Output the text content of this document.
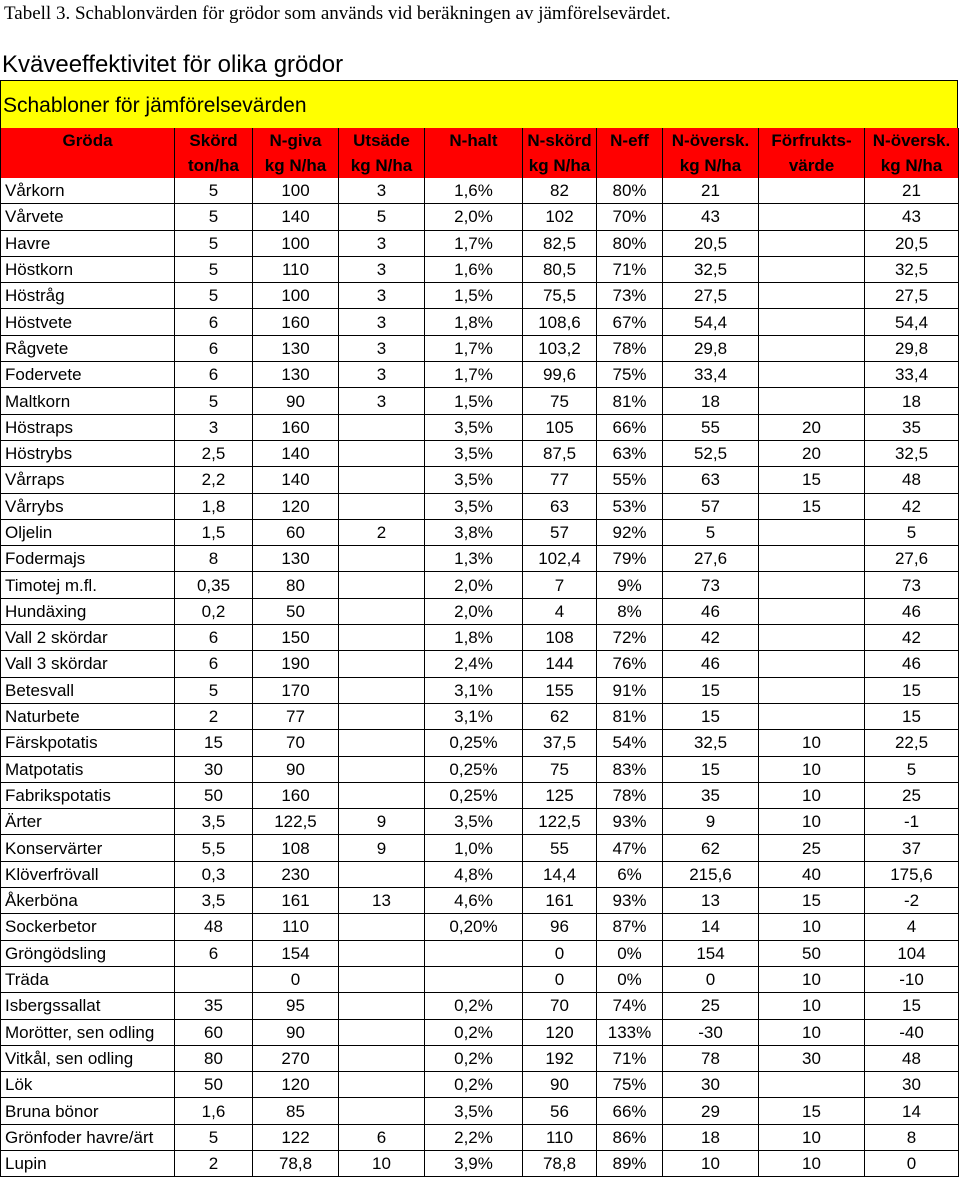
Tabell 3. Schablonvärden för grödor som används vid beräkningen av jämförelsevärdet.
Kväveeffektivitet för olika grödor
Schabloner för jämförelsevärden
Gröda	Skörd	N-giva	Utsäde	N-halt	N-skörd	N-eff	N-översk.	Förfrukts-	N-översk.
	ton/ha	kg N/ha	kg N/ha		kg N/ha		kg N/ha	värde	kg N/ha
Vårkorn	5	100	3	1,6%	82	80%	21		21
Vårvete	5	140	5	2,0%	102	70%	43		43
Havre	5	100	3	1,7%	82,5	80%	20,5		20,5
Höstkorn	5	110	3	1,6%	80,5	71%	32,5		32,5
Höstråg	5	100	3	1,5%	75,5	73%	27,5		27,5
Höstvete	6	160	3	1,8%	108,6	67%	54,4		54,4
Rågvete	6	130	3	1,7%	103,2	78%	29,8		29,8
Fodervete	6	130	3	1,7%	99,6	75%	33,4		33,4
Maltkorn	5	90	3	1,5%	75	81%	18		18
Höstraps	3	160		3,5%	105	66%	55	20	35
Höstrybs	2,5	140		3,5%	87,5	63%	52,5	20	32,5
Vårraps	2,2	140		3,5%	77	55%	63	15	48
Vårrybs	1,8	120		3,5%	63	53%	57	15	42
Oljelin	1,5	60	2	3,8%	57	92%	5		5
Fodermajs	8	130		1,3%	102,4	79%	27,6		27,6
Timotej m.fl.	0,35	80		2,0%	7	9%	73		73
Hundäxing	0,2	50		2,0%	4	8%	46		46
Vall 2 skördar	6	150		1,8%	108	72%	42		42
Vall 3 skördar	6	190		2,4%	144	76%	46		46
Betesvall	5	170		3,1%	155	91%	15		15
Naturbete	2	77		3,1%	62	81%	15		15
Färskpotatis	15	70		0,25%	37,5	54%	32,5	10	22,5
Matpotatis	30	90		0,25%	75	83%	15	10	5
Fabrikspotatis	50	160		0,25%	125	78%	35	10	25
Ärter	3,5	122,5	9	3,5%	122,5	93%	9	10	-1
Konservärter	5,5	108	9	1,0%	55	47%	62	25	37
Klöverfrövall	0,3	230		4,8%	14,4	6%	215,6	40	175,6
Åkerböna	3,5	161	13	4,6%	161	93%	13	15	-2
Sockerbetor	48	110		0,20%	96	87%	14	10	4
Gröngödsling	6	154			0	0%	154	50	104
Träda		0			0	0%	0	10	-10
Isbergssallat	35	95		0,2%	70	74%	25	10	15
Morötter, sen odling	60	90		0,2%	120	133%	-30	10	-40
Vitkål, sen odling	80	270		0,2%	192	71%	78	30	48
Lök	50	120		0,2%	90	75%	30		30
Bruna bönor	1,6	85		3,5%	56	66%	29	15	14
Grönfoder havre/ärt	5	122	6	2,2%	110	86%	18	10	8
Lupin	2	78,8	10	3,9%	78,8	89%	10	10	0
